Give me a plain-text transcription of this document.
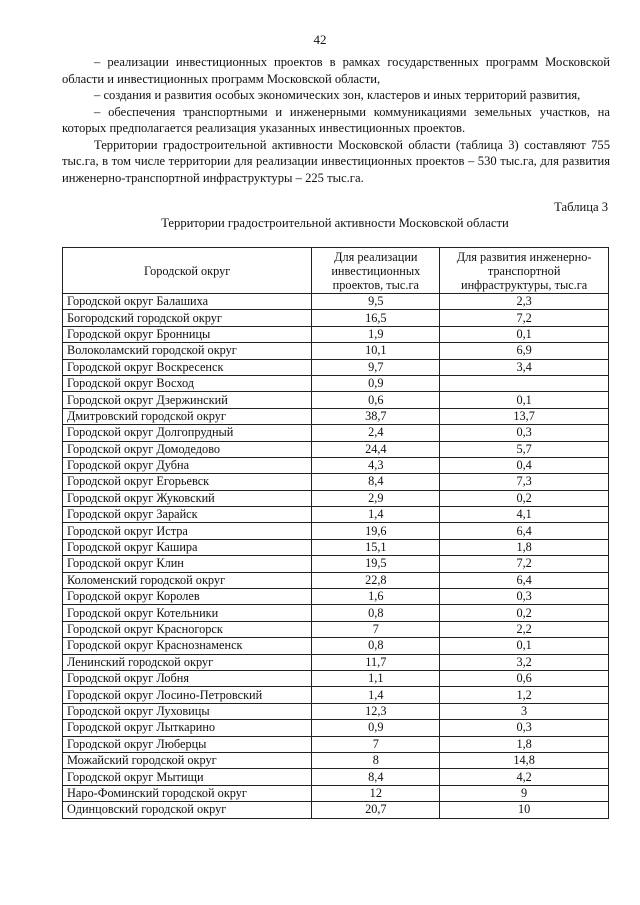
42

– реализации инвестиционных проектов в рамках государственных программ Московской области и инвестиционных программ Московской области,

– создания и развития особых экономических зон, кластеров и иных территорий развития,

– обеспечения транспортными и инженерными коммуникациями земельных участков, на которых предполагается реализация указанных инвестиционных проектов.

Территории градостроительной активности Московской области (таблица 3) составляют 755 тыс.га, в том числе территории для реализации инвестиционных проектов – 530 тыс.га, для развития инженерно-транспортной инфраструктуры – 225 тыс.га.

Таблица 3
Территории градостроительной активности Московской области
Городской округ	Для реализации инвестиционных проектов, тыс.га	Для развития инженерно-транспортной инфраструктуры, тыс.га
Городской округ Балашиха	9,5	2,3
Богородский городской округ	16,5	7,2
Городской округ Бронницы	1,9	0,1
Волоколамский городской округ	10,1	6,9
Городской округ Воскресенск	9,7	3,4
Городской округ Восход	0,9	
Городской округ Дзержинский	0,6	0,1
Дмитровский городской округ	38,7	13,7
Городской округ Долгопрудный	2,4	0,3
Городской округ Домодедово	24,4	5,7
Городской округ Дубна	4,3	0,4
Городской округ Егорьевск	8,4	7,3
Городской округ Жуковский	2,9	0,2
Городской округ Зарайск	1,4	4,1
Городской округ Истра	19,6	6,4
Городской округ Кашира	15,1	1,8
Городской округ Клин	19,5	7,2
Коломенский городской округ	22,8	6,4
Городской округ Королев	1,6	0,3
Городской округ Котельники	0,8	0,2
Городской округ Красногорск	7	2,2
Городской округ Краснознаменск	0,8	0,1
Ленинский городской округ	11,7	3,2
Городской округ Лобня	1,1	0,6
Городской округ Лосино-Петровский	1,4	1,2
Городской округ Луховицы	12,3	3
Городской округ Лыткарино	0,9	0,3
Городской округ Люберцы	7	1,8
Можайский городской округ	8	14,8
Городской округ Мытищи	8,4	4,2
Наро-Фоминский городской округ	12	9
Одинцовский городской округ	20,7	10
